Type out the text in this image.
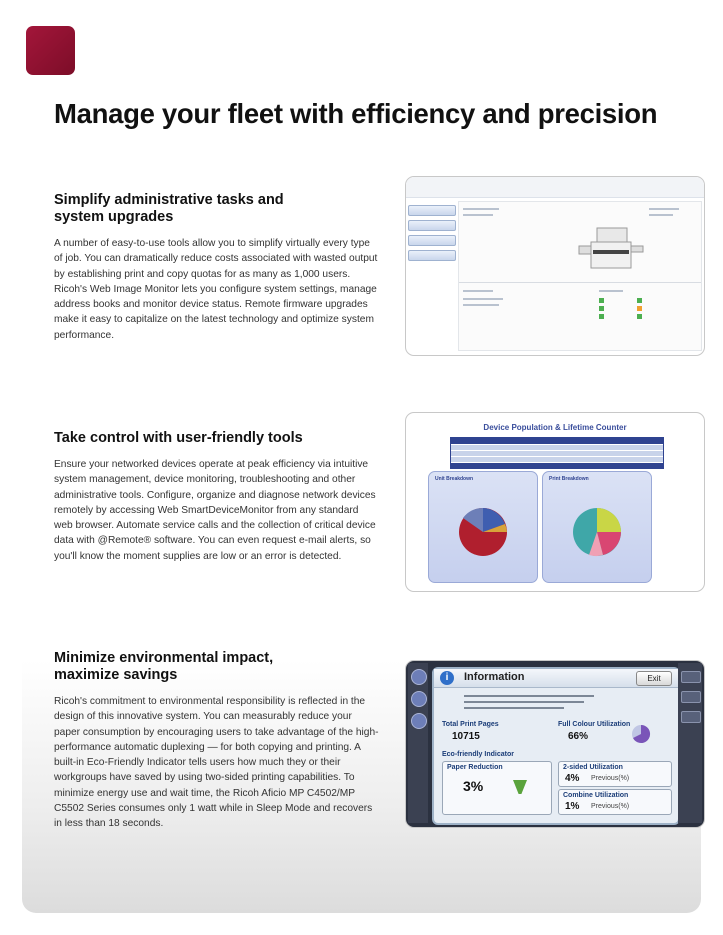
Manage your fleet with efficiency and precision
Simplify administrative tasks and system upgrades

A number of easy-to-use tools allow you to simplify virtually every type of job. You can dramatically reduce costs associated with wasted output by establishing print and copy quotas for as many as 1,000 users. Ricoh's Web Image Monitor lets you configure system settings, manage address books and monitor device status. Remote firmware upgrades make it easy to capitalize on the latest technology and optimize system performance.

Take control with user-friendly tools

Ensure your networked devices operate at peak efficiency via intuitive system management, device monitoring, troubleshooting and other administrative tools. Configure, organize and diagnose network devices remotely by accessing Web SmartDeviceMonitor from any standard web browser. Automate service calls and the collection of critical device data with @Remote® software. You can even request e-mail alerts, so you'll know the moment supplies are low or an error is detected.

Minimize environmental impact, maximize savings

Ricoh's commitment to environmental responsibility is reflected in the design of this innovative system. You can measurably reduce your paper consumption by encouraging users to take advantage of the high-performance automatic duplexing — for both copying and printing. A built-in Eco-Friendly Indicator tells users how much they or their workgroups have saved by using two-sided printing capabilities. To minimize energy use and wait time, the Ricoh Aficio MP C4502/MP C5502 Series consumes only 1 watt while in Sleep Mode and recovers in less than 18 seconds.

Device Population & Lifetime Counter
Unit Breakdown	Print Breakdown
i	Information	Exit
Total Print Pages
10715
Full Colour Utilization
66%
Eco-friendly Indicator
Paper Reduction
3%
2-sided Utilization
4% Previous(%)
Combine Utilization
1% Previous(%)
